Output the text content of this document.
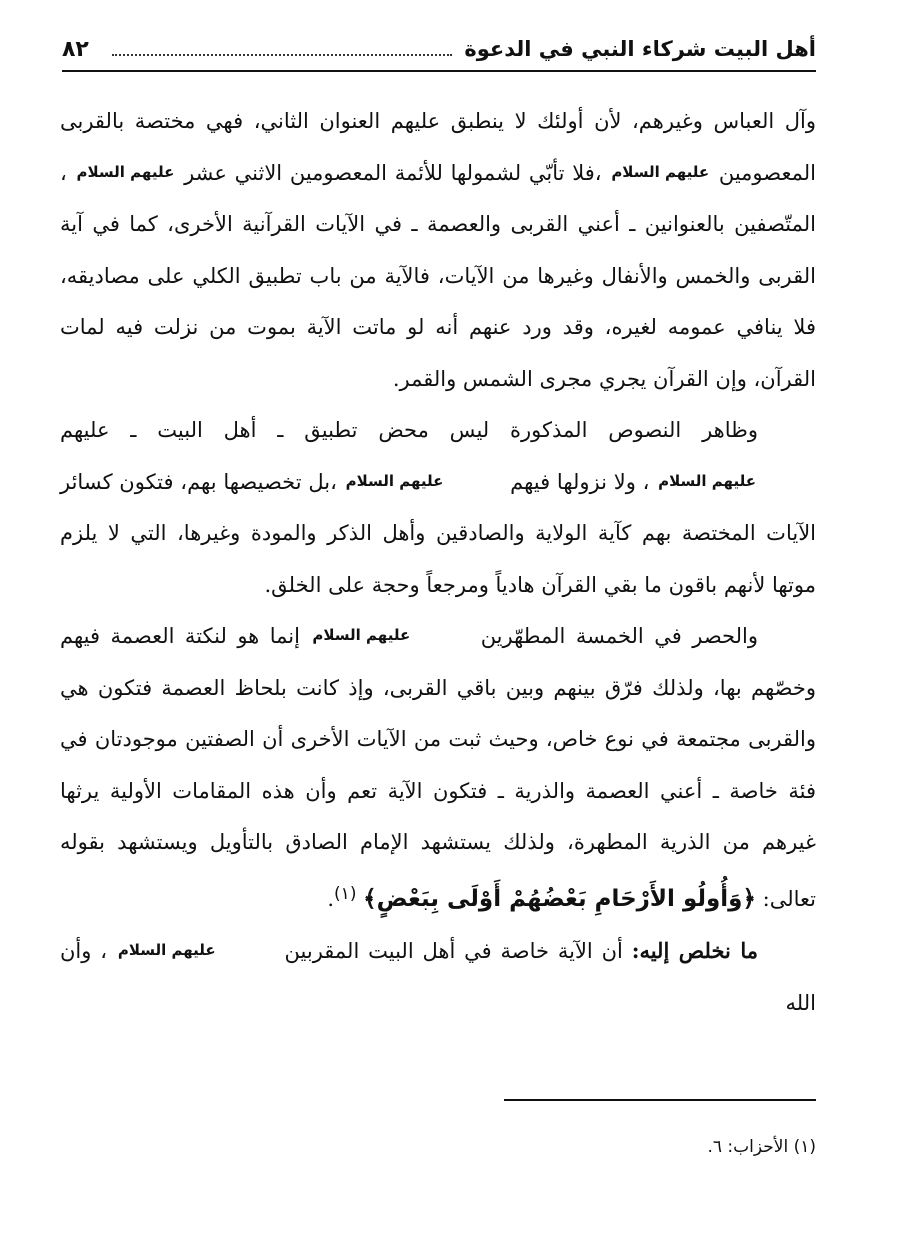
أهل البيت شركاء النبي في الدعوة
٨٢

وآل العباس وغيرهم، لأن أولئك لا ينطبق عليهم العنوان الثاني، فهي مختصة بالقربى المعصومين عليهم السلام ،فلا تأبّي لشمولها للأئمة المعصومين الاثني عشر عليهم السلام ، المتّصفين بالعنوانين ـ أعني القربى والعصمة ـ في الآيات القرآنية الأخرى، كما في آية القربى والخمس والأنفال وغيرها من الآيات، فالآية من باب تطبيق الكلي على مصاديقه، فلا ينافي عمومه لغيره، وقد ورد عنهم أنه لو ماتت الآية بموت من نزلت فيه لمات القرآن، وإن القرآن يجري مجرى الشمس والقمر.

وظاهر النصوص المذكورة ليس محض تطبيق ـ أهل البيت ـ عليهم عليهم السلام ، ولا نزولها فيهم عليهم السلام ،بل تخصيصها بهم، فتكون كسائر الآيات المختصة بهم كآية الولاية والصادقين وأهل الذكر والمودة وغيرها، التي لا يلزم موتها لأنهم باقون ما بقي القرآن هادياً ومرجعاً وحجة على الخلق.

والحصر في الخمسة المطهّرين عليهم السلام إنما هو لنكتة العصمة فيهم وخصّهم بها، ولذلك فرّق بينهم وبين باقي القربى، وإذ كانت بلحاظ العصمة فتكون هي والقربى مجتمعة في نوع خاص، وحيث ثبت من الآيات الأخرى أن الصفتين موجودتان في فئة خاصة ـ أعني العصمة والذرية ـ فتكون الآية تعم وأن هذه المقامات الأولية يرثها غيرهم من الذرية المطهرة، ولذلك يستشهد الإمام الصادق بالتأويل ويستشهد بقوله تعالى: ﴿وَأُولُو الأَرْحَامِ بَعْضُهُمْ أَوْلَى بِبَعْضٍ﴾ $^{(١)}$.

ما نخلص إليه: أن الآية خاصة في أهل البيت المقربين عليهم السلام ، وأن الله

(١) الأحزاب: ٦.
